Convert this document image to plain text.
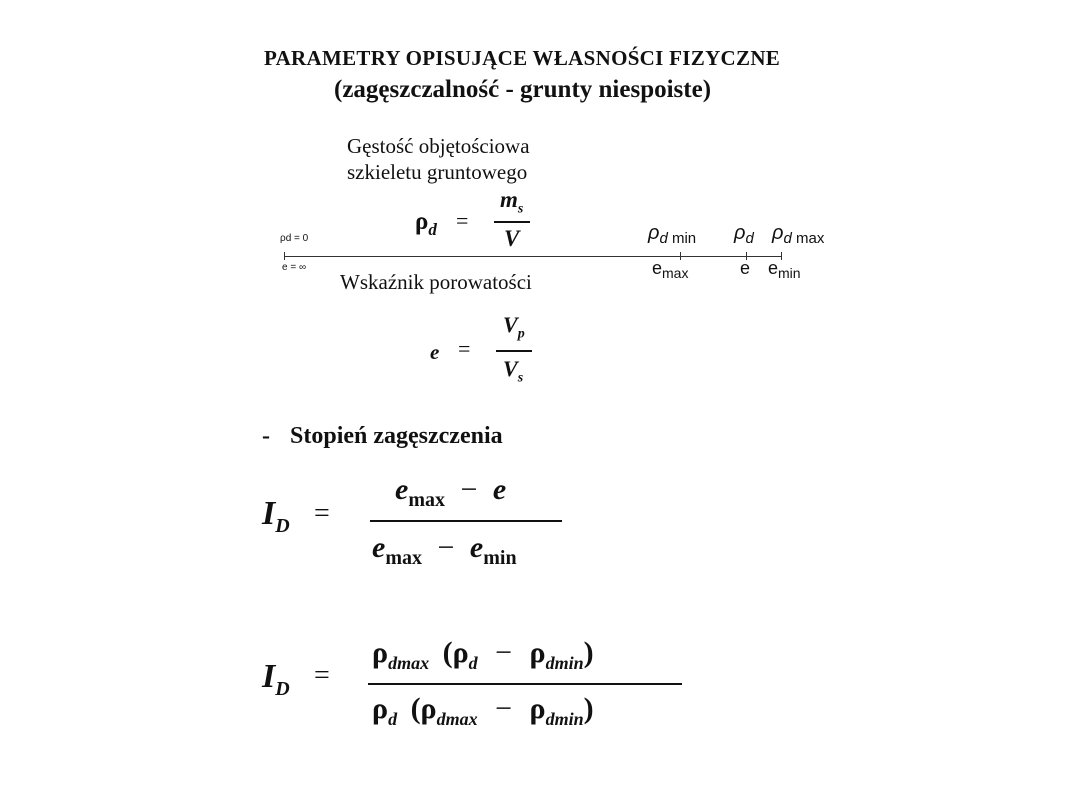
PARAMETRY OPISUJĄCE WŁASNOŚCI FIZYCZNE
(zagęszczalność - grunty niespoiste)
Gęstość objętościowa
szkieletu gruntowego
$\rho_d$ =
$m_s$
V
ρd = 0
e = ∞
$\rho_{d min}$ $\rho_d$ $\rho_{d max}$
$e_{max}$	e $e_{min}$
Wskaźnik porowatości
e =
$V_p$
$V_s$
- Stopień zagęszczenia
$I_D$ =
$e_{max} - e$
$e_{max} - e_{min}$
$I_D$ =
$\rho_{dmax}$ $(\rho_d - \rho_{dmin})$
$\rho_d$ $(\rho_{dmax} - \rho_{dmin})$
